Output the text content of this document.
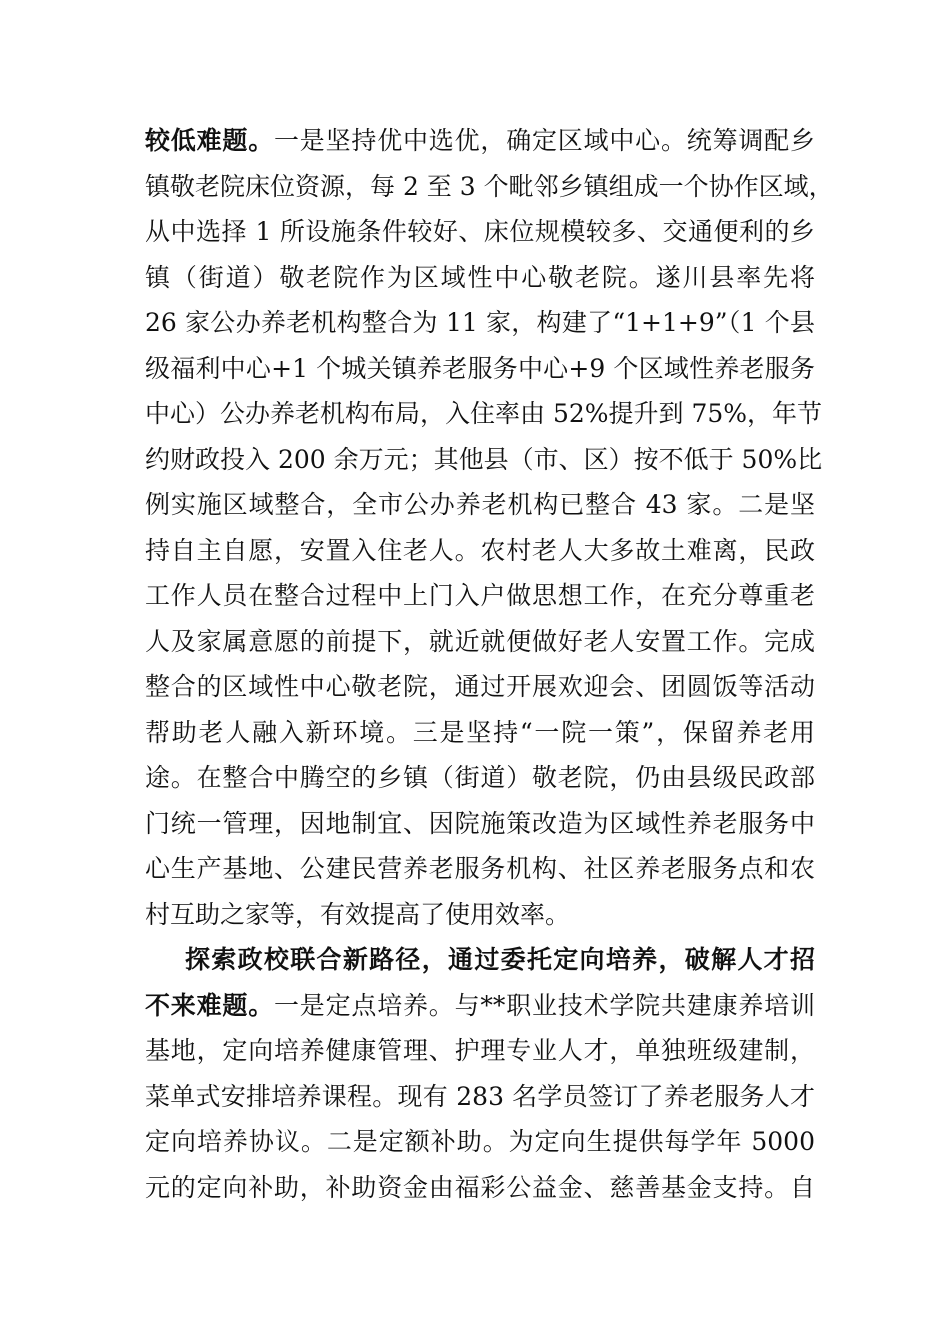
较低难题。一是坚持优中选优，确定区域中心。统筹调配乡
镇敬老院床位资源，每 2 至 3 个毗邻乡镇组成一个协作区域，
从中选择 1 所设施条件较好、床位规模较多、交通便利的乡
镇（街道）敬老院作为区域性中心敬老院。遂川县率先将
26 家公办养老机构整合为 11 家，构建了“1+1+9”（1 个县
级福利中心+1 个城关镇养老服务中心+9 个区域性养老服务
中心）公办养老机构布局，入住率由 52%提升到 75%，年节
约财政投入 200 余万元；其他县（市、区）按不低于 50%比
例实施区域整合，全市公办养老机构已整合 43 家。二是坚
持自主自愿，安置入住老人。农村老人大多故土难离，民政
工作人员在整合过程中上门入户做思想工作，在充分尊重老
人及家属意愿的前提下，就近就便做好老人安置工作。完成
整合的区域性中心敬老院，通过开展欢迎会、团圆饭等活动
帮助老人融入新环境。三是坚持“一院一策”，保留养老用
途。在整合中腾空的乡镇（街道）敬老院，仍由县级民政部
门统一管理，因地制宜、因院施策改造为区域性养老服务中
心生产基地、公建民营养老服务机构、社区养老服务点和农
村互助之家等，有效提高了使用效率。
探索政校联合新路径，通过委托定向培养，破解人才招
不来难题。一是定点培养。与**职业技术学院共建康养培训
基地，定向培养健康管理、护理专业人才，单独班级建制，
菜单式安排培养课程。现有 283 名学员签订了养老服务人才
定向培养协议。二是定额补助。为定向生提供每学年 5000
元的定向补助，补助资金由福彩公益金、慈善基金支持。自
